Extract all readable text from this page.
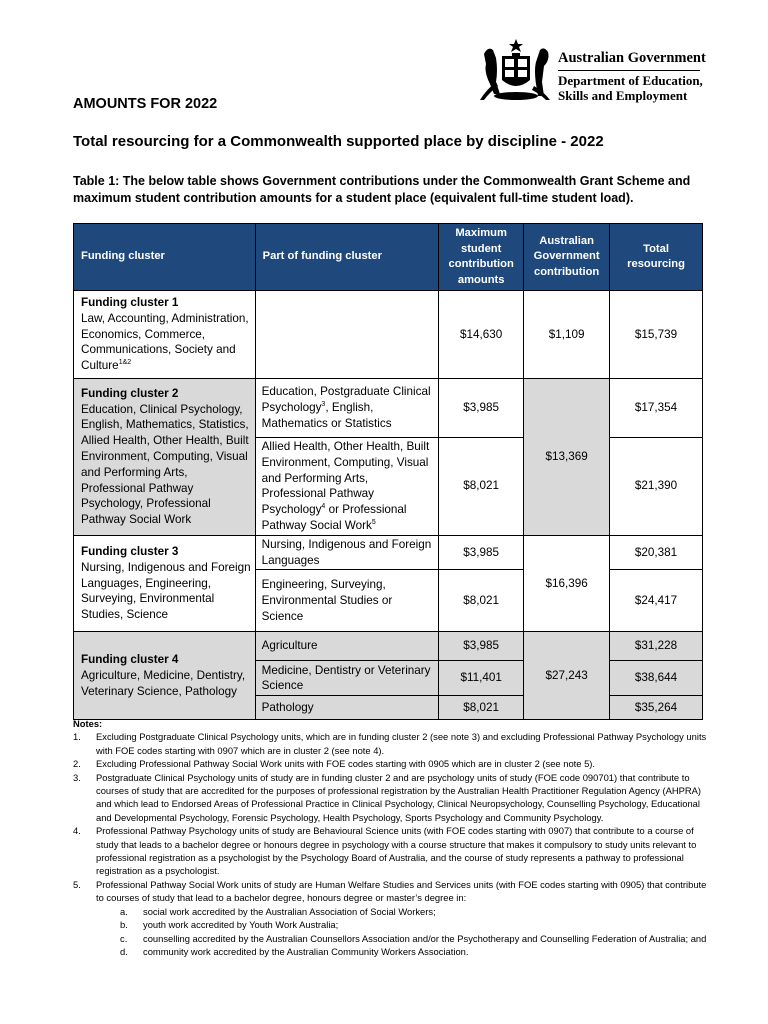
Australian Government
Department of Education,
Skills and Employment
AMOUNTS FOR 2022
Total resourcing for a Commonwealth supported place by discipline - 2022
Table 1: The below table shows Government contributions under the Commonwealth Grant Scheme and maximum student contribution amounts for a student place (equivalent full-time student load).
Funding cluster	Part of funding cluster	Maximum student contribution amounts	Australian Government contribution	Total resourcing

Funding cluster 1
Law, Accounting, Administration, Economics, Commerce, Communications, Society and Culture$^{1\&2}$		$14,630	$1,109	$15,739

Funding cluster 2
Education, Clinical Psychology, English, Mathematics, Statistics, Allied Health, Other Health, Built Environment, Computing, Visual and Performing Arts, Professional Pathway Psychology, Professional Pathway Social Work	Education, Postgraduate Clinical Psychology$^3$, English, Mathematics or Statistics	$3,985	$13,369	$17,354
	Allied Health, Other Health, Built Environment, Computing, Visual and Performing Arts, Professional Pathway Psychology$^4$ or Professional Pathway Social Work$^5$	$8,021		$21,390

Funding cluster 3
Nursing, Indigenous and Foreign Languages, Engineering, Surveying, Environmental Studies, Science	Nursing, Indigenous and Foreign Languages	$3,985	$16,396	$20,381
	Engineering, Surveying, Environmental Studies or Science	$8,021		$24,417

Funding cluster 4
Agriculture, Medicine, Dentistry, Veterinary Science, Pathology	Agriculture	$3,985	$27,243	$31,228
	Medicine, Dentistry or Veterinary Science	$11,401		$38,644
	Pathology	$8,021		$35,264
Notes:
1. Excluding Postgraduate Clinical Psychology units, which are in funding cluster 2 (see note 3) and excluding Professional Pathway Psychology units with FOE codes starting with 0907 which are in cluster 2 (see note 4).
2. Excluding Professional Pathway Social Work units with FOE codes starting with 0905 which are in cluster 2 (see note 5).
3. Postgraduate Clinical Psychology units of study are in funding cluster 2 and are psychology units of study (FOE code 090701) that contribute to courses of study that are accredited for the purposes of professional registration by the Australian Health Practitioner Regulation Agency (AHPRA) and which lead to Endorsed Areas of Professional Practice in Clinical Psychology, Clinical Neuropsychology, Counselling Psychology, Educational and Developmental Psychology, Forensic Psychology, Health Psychology, Sports Psychology and Community Psychology.
4. Professional Pathway Psychology units of study are Behavioural Science units (with FOE codes starting with 0907) that contribute to a course of study that leads to a bachelor degree or honours degree in psychology with a course structure that makes it compulsory to study units relevant to professional registration as a psychologist by the Psychology Board of Australia, and the course of study represents a pathway to professional registration as a psychologist.
5. Professional Pathway Social Work units of study are Human Welfare Studies and Services units (with FOE codes starting with 0905) that contribute to courses of study that lead to a bachelor degree, honours degree or master’s degree in:
a. social work accredited by the Australian Association of Social Workers;
b. youth work accredited by Youth Work Australia;
c. counselling accredited by the Australian Counsellors Association and/or the Psychotherapy and Counselling Federation of Australia; and
d. community work accredited by the Australian Community Workers Association.
